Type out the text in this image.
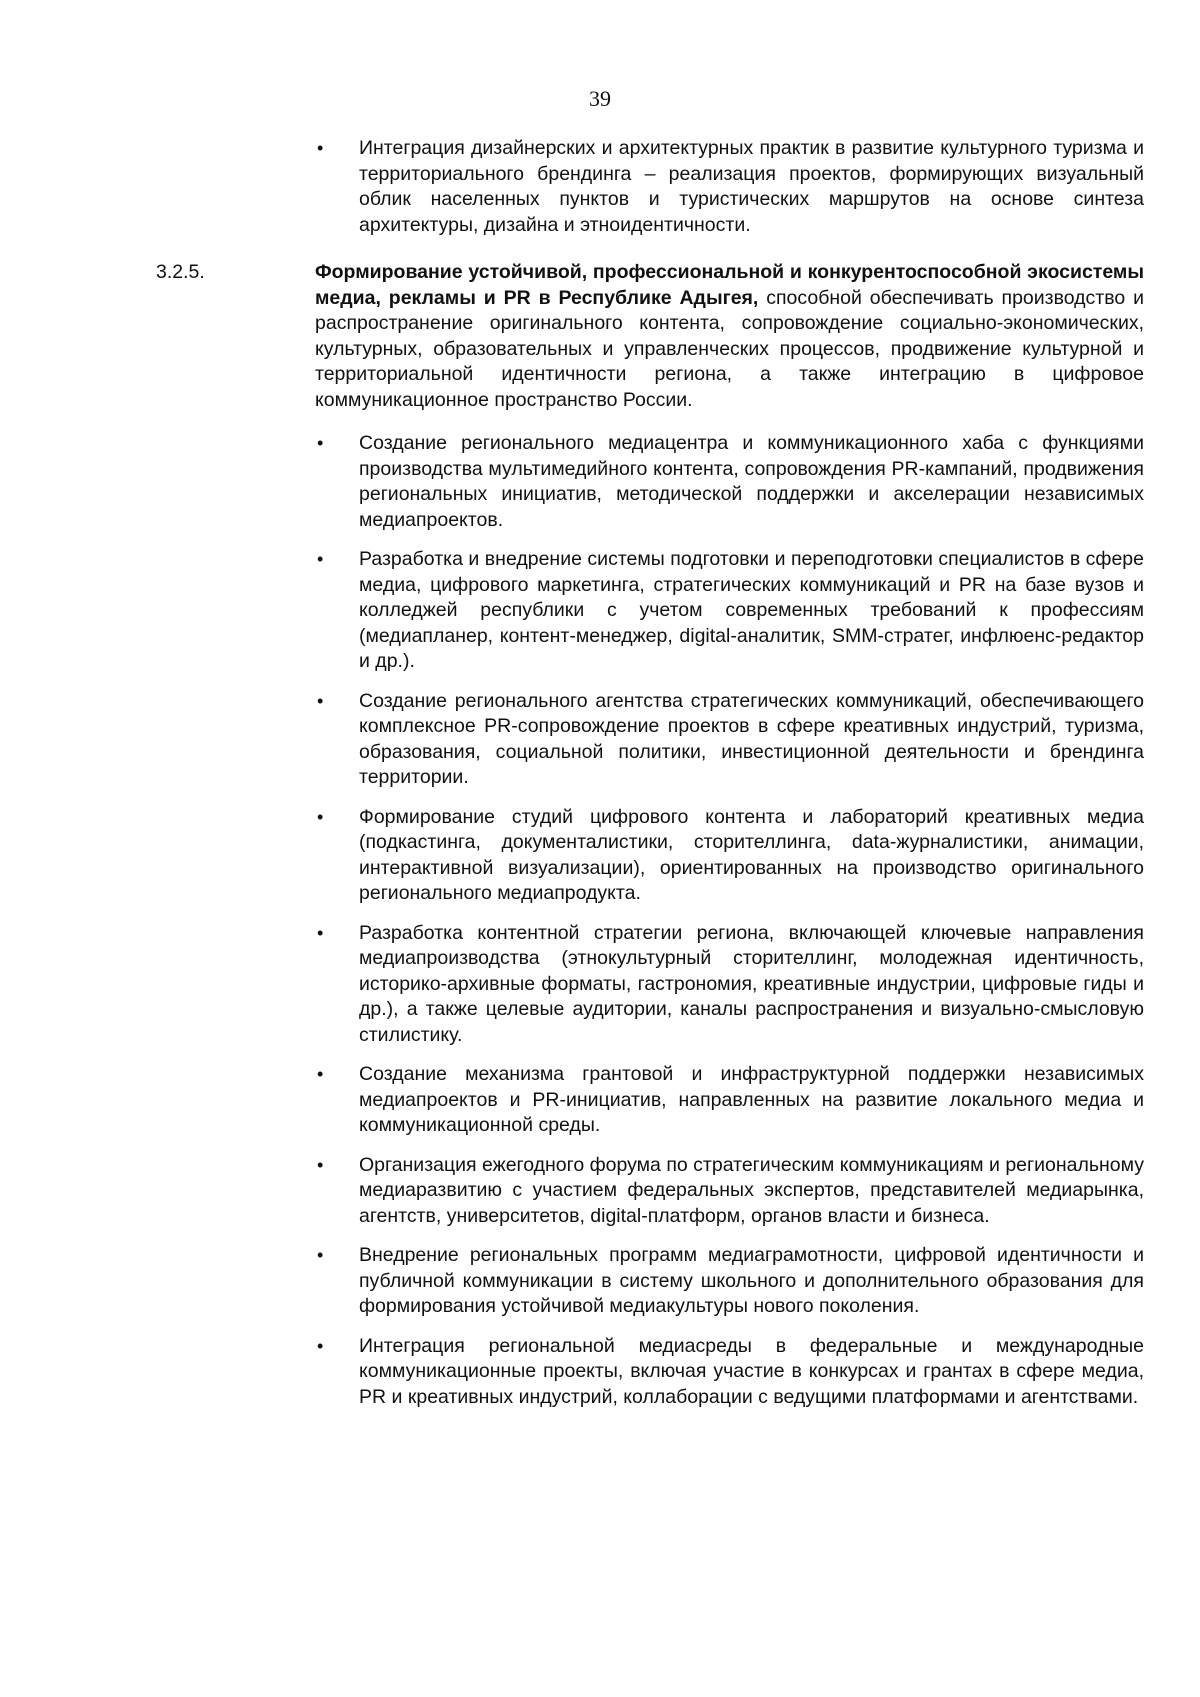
39
• Интеграция дизайнерских и архитектурных практик в развитие культурного туризма и территориального брендинга – реализация проектов, формирующих визуальный облик населенных пунктов и туристических маршрутов на основе синтеза архитектуры, дизайна и этноидентичности.
3.2.5.	Формирование устойчивой, профессиональной и конкурентоспособной экосистемы медиа, рекламы и PR в Республике Адыгея, способной обеспечивать производство и распространение оригинального контента, сопровождение социально-экономических, культурных, образовательных и управленческих процессов, продвижение культурной и территориальной идентичности региона, а также интеграцию в цифровое коммуникационное пространство России.
• Создание регионального медиацентра и коммуникационного хаба с функциями производства мультимедийного контента, сопровождения PR-кампаний, продвижения региональных инициатив, методической поддержки и акселерации независимых медиапроектов.
• Разработка и внедрение системы подготовки и переподготовки специалистов в сфере медиа, цифрового маркетинга, стратегических коммуникаций и PR на базе вузов и колледжей республики с учетом современных требований к профессиям (медиапланер, контент-менеджер, digital-аналитик, SMM-стратег, инфлюенс-редактор и др.).
• Создание регионального агентства стратегических коммуникаций, обеспечивающего комплексное PR-сопровождение проектов в сфере креативных индустрий, туризма, образования, социальной политики, инвестиционной деятельности и брендинга территории.
• Формирование студий цифрового контента и лабораторий креативных медиа (подкастинга, документалистики, сторителлинга, data-журналистики, анимации, интерактивной визуализации), ориентированных на производство оригинального регионального медиапродукта.
• Разработка контентной стратегии региона, включающей ключевые направления медиапроизводства (этнокультурный сторителлинг, молодежная идентичность, историко-архивные форматы, гастрономия, креативные индустрии, цифровые гиды и др.), а также целевые аудитории, каналы распространения и визуально-смысловую стилистику.
• Создание механизма грантовой и инфраструктурной поддержки независимых медиапроектов и PR-инициатив, направленных на развитие локального медиа и коммуникационной среды.
• Организация ежегодного форума по стратегическим коммуникациям и региональному медиаразвитию с участием федеральных экспертов, представителей медиарынка, агентств, университетов, digital-платформ, органов власти и бизнеса.
• Внедрение региональных программ медиаграмотности, цифровой идентичности и публичной коммуникации в систему школьного и дополнительного образования для формирования устойчивой медиакультуры нового поколения.
• Интеграция региональной медиасреды в федеральные и международные коммуникационные проекты, включая участие в конкурсах и грантах в сфере медиа, PR и креативных индустрий, коллаборации с ведущими платформами и агентствами.
